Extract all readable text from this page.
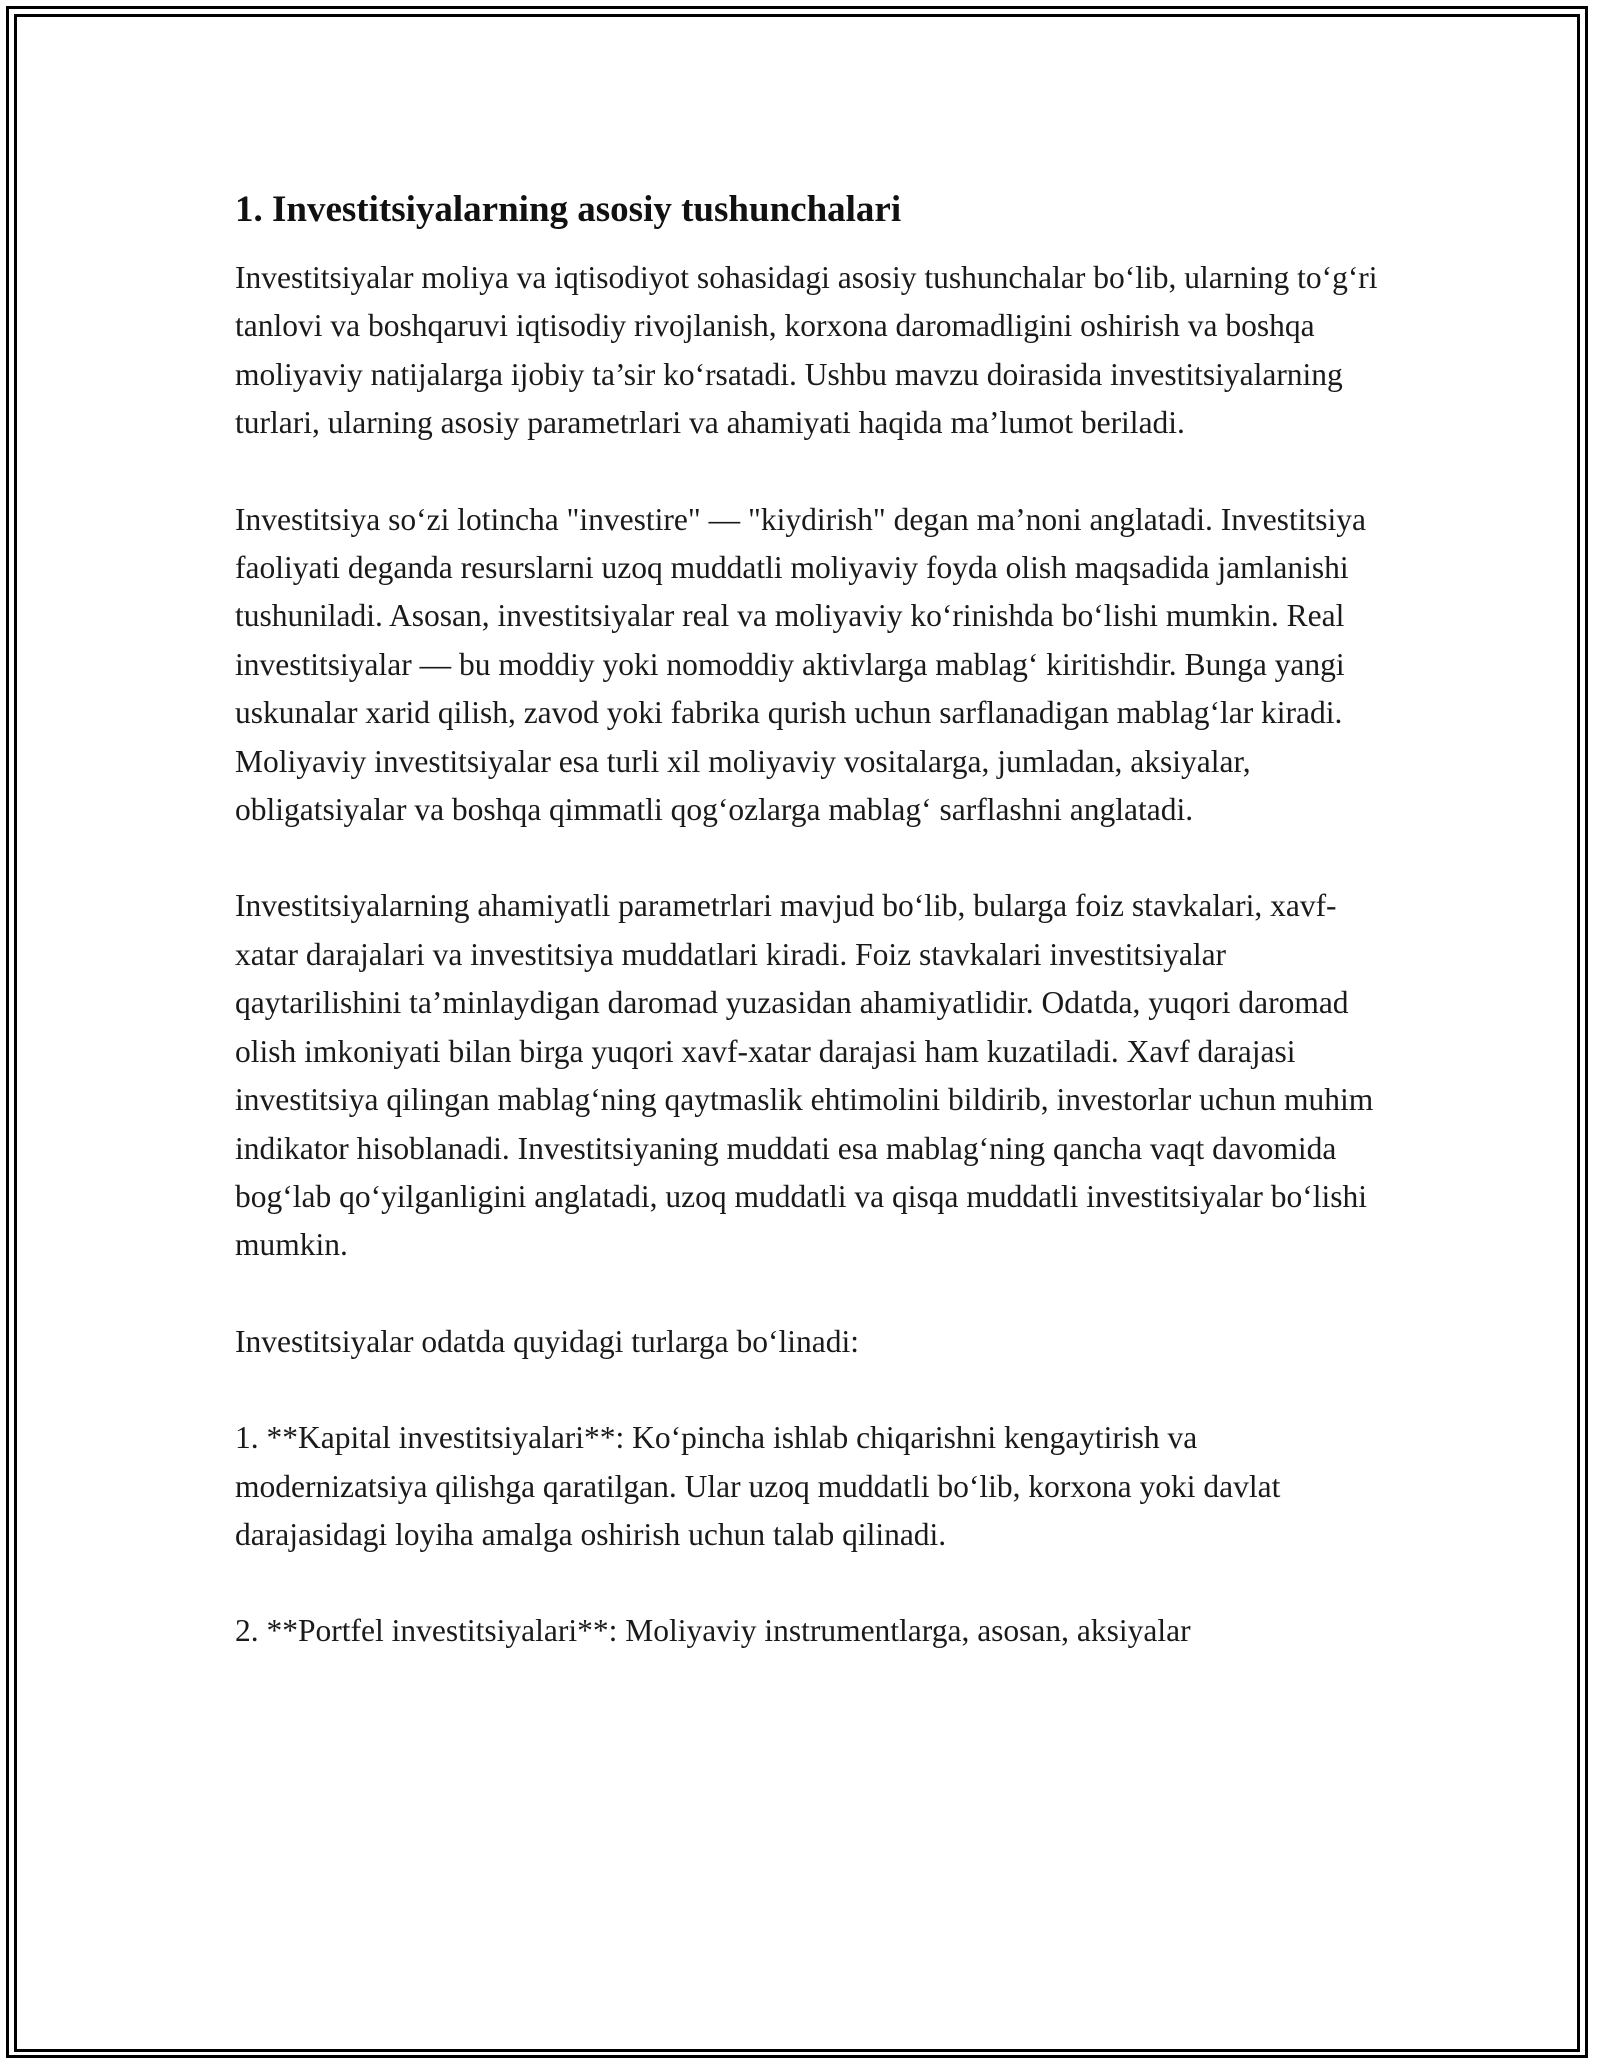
1. Investitsiyalarning asosiy tushunchalari

Investitsiyalar moliya va iqtisodiyot sohasidagi asosiy tushunchalar bo‘lib, ularning to‘g‘ri tanlovi va boshqaruvi iqtisodiy rivojlanish, korxona daromadligini oshirish va boshqa moliyaviy natijalarga ijobiy ta’sir ko‘rsatadi. Ushbu mavzu doirasida investitsiyalarning turlari, ularning asosiy parametrlari va ahamiyati haqida ma’lumot beriladi.

Investitsiya so‘zi lotincha "investire" — "kiydirish" degan ma’noni anglatadi. Investitsiya faoliyati deganda resurslarni uzoq muddatli moliyaviy foyda olish maqsadida jamlanishi tushuniladi. Asosan, investitsiyalar real va moliyaviy ko‘rinishda bo‘lishi mumkin. Real investitsiyalar — bu moddiy yoki nomoddiy aktivlarga mablag‘ kiritishdir. Bunga yangi uskunalar xarid qilish, zavod yoki fabrika qurish uchun sarflanadigan mablag‘lar kiradi. Moliyaviy investitsiyalar esa turli xil moliyaviy vositalarga, jumladan, aksiyalar, obligatsiyalar va boshqa qimmatli qog‘ozlarga mablag‘ sarflashni anglatadi.

Investitsiyalarning ahamiyatli parametrlari mavjud bo‘lib, bularga foiz stavkalari, xavf-xatar darajalari va investitsiya muddatlari kiradi. Foiz stavkalari investitsiyalar qaytarilishini ta’minlaydigan daromad yuzasidan ahamiyatlidir. Odatda, yuqori daromad olish imkoniyati bilan birga yuqori xavf-xatar darajasi ham kuzatiladi. Xavf darajasi investitsiya qilingan mablag‘ning qaytmaslik ehtimolini bildirib, investorlar uchun muhim indikator hisoblanadi. Investitsiyaning muddati esa mablag‘ning qancha vaqt davomida bog‘lab qo‘yilganligini anglatadi, uzoq muddatli va qisqa muddatli investitsiyalar bo‘lishi mumkin.

Investitsiyalar odatda quyidagi turlarga bo‘linadi:

1. **Kapital investitsiyalari**: Ko‘pincha ishlab chiqarishni kengaytirish va modernizatsiya qilishga qaratilgan. Ular uzoq muddatli bo‘lib, korxona yoki davlat darajasidagi loyiha amalga oshirish uchun talab qilinadi.

2. **Portfel investitsiyalari**: Moliyaviy instrumentlarga, asosan, aksiyalar
